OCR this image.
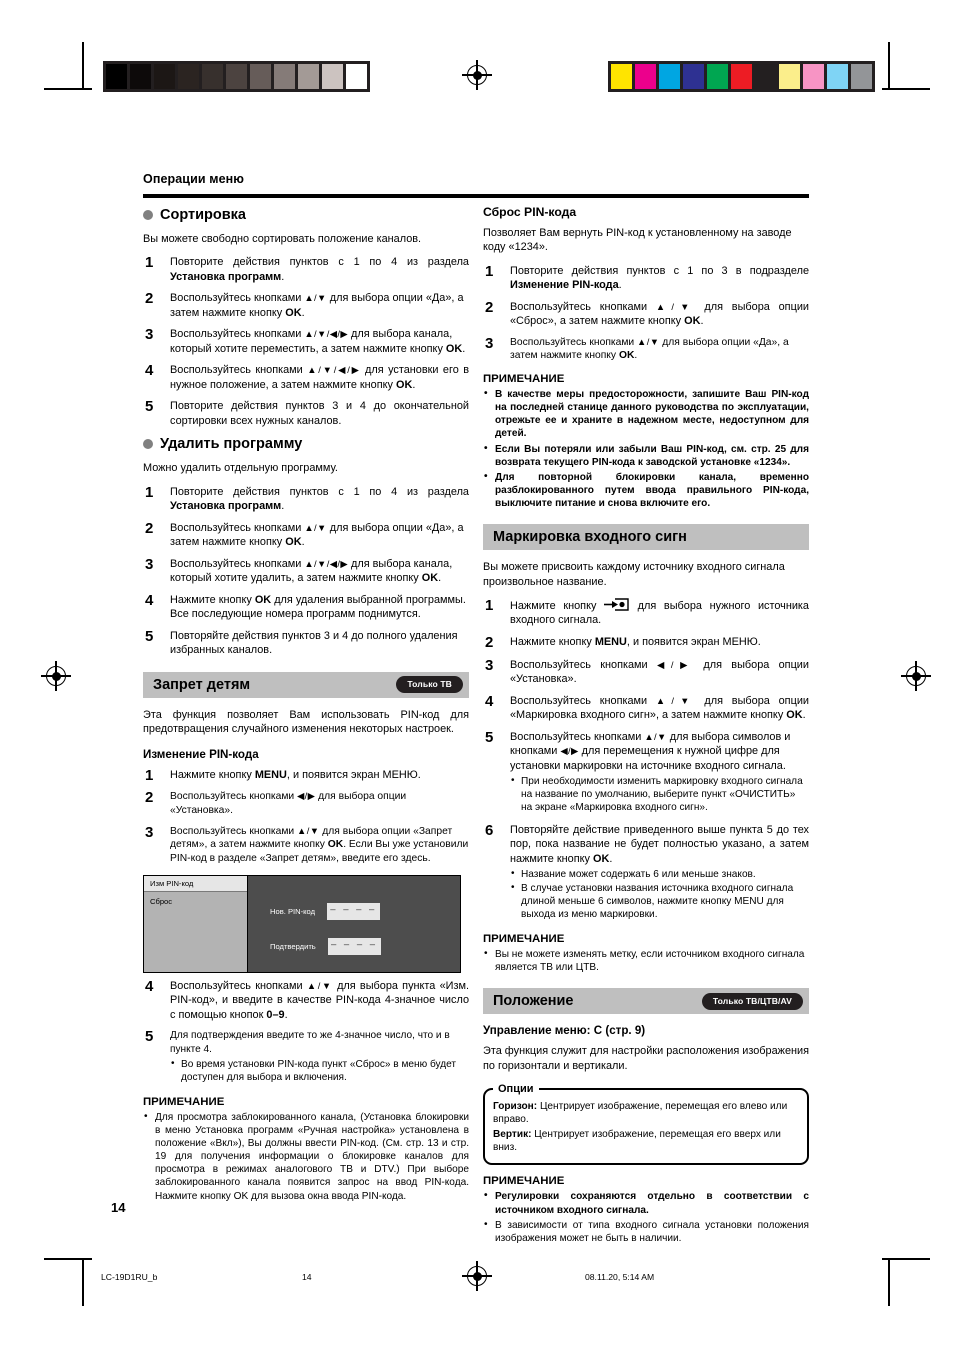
Операции меню
Сортировка

Вы можете свободно сортировать положение каналов.

1	Повторите действия пунктов с 1 по 4 из раздела Установка программ.
2	Воспользуйтесь кнопками ▲/▼ для выбора опции «Да», а затем нажмите кнопку OK.
3	Воспользуйтесь кнопками ▲/▼/◀/▶ для выбора канала, который хотите переместить, а затем нажмите кнопку OK.
4	Воспользуйтесь кнопками ▲/▼/◀/▶ для установки его в нужное положение, а затем нажмите кнопку OK.
5	Повторите действия пунктов 3 и 4 до окончательной сортировки всех нужных каналов.
Удалить программу

Можно удалить отдельную программу.

1	Повторите действия пунктов с 1 по 4 из раздела Установка программ.
2	Воспользуйтесь кнопками ▲/▼ для выбора опции «Да», а затем нажмите кнопку OK.
3	Воспользуйтесь кнопками ▲/▼/◀/▶ для выбора канала, который хотите удалить, а затем нажмите кнопку OK.
4	Нажмите кнопку OK для удаления выбранной программы. Все последующие номера программ поднимутся.
5	Повторяйте действия пунктов 3 и 4 до полного удаления избранных каналов.
Запрет детям	Только ТВ

Эта функция позволяет Вам использовать PIN-код для предотвращения случайного изменения некоторых настроек.

Изменение PIN-кода
1	Нажмите кнопку MENU, и появится экран МЕНЮ.
2	Воспользуйтесь кнопками ◀/▶ для выбора опции «Установка».
3	Воспользуйтесь кнопками ▲/▼ для выбора опции «Запрет детям», а затем нажмите кнопку OK. Если Вы уже установили PIN-код в разделе «Запрет детям», введите его здесь.
Изм PIN-код
Сброс
Нов. PIN-код	– – – –
Подтвердить	– – – –
4	Воспользуйтесь кнопками ▲/▼ для выбора пункта «Изм. PIN-код», и введите в качестве PIN-кода 4-значное число с помощью кнопок 0–9.
5	Для подтверждения введите то же 4-значное число, что и в пункте 4.
• Во время установки PIN-кода пункт «Сброс» в меню будет доступен для выбора и включения.
ПРИМЕЧАНИЕ
• Для просмотра заблокированного канала, (Установка блокировки в меню Установка программ «Ручная настройка» установлена в положение «Вкл»), Вы должны ввести PIN-код. (См. стр. 13 и стр. 19 для получения информации о блокировке каналов для просмотра в режимах аналогового ТВ и DTV.) При выборе заблокированного канала появится запрос на ввод PIN-кода. Нажмите кнопку OK для вызова окна ввода PIN-кода.
Сброс PIN-кода

Позволяет Вам вернуть PIN-код к установленному на заводе коду «1234».

1	Повторите действия пунктов с 1 по 3 в подразделе Изменение PIN-кода.
2	Воспользуйтесь кнопками ▲/▼ для выбора опции «Сброс», а затем нажмите кнопку OK.
3	Воспользуйтесь кнопками ▲/▼ для выбора опции «Да», а затем нажмите кнопку OK.
ПРИМЕЧАНИЕ
• В качестве меры предосторожности, запишите Ваш PIN-код на последней станице данного руководства по эксплуатации, отрежьте ее и храните в надежном месте, недоступном для детей.
• Если Вы потеряли или забыли Ваш PIN-код, см. стр. 25 для возврата текущего PIN-кода к заводской установке «1234».
• Для повторной блокировки канала, временно разблокированного путем ввода правильного PIN-кода, выключите питание и снова включите его.
Маркировка входного сигн

Вы можете присвоить каждому источнику входного сигнала произвольное название.

1	Нажмите кнопку
для выбора нужного источника входного сигнала.
2	Нажмите кнопку MENU, и появится экран МЕНЮ.
3	Воспользуйтесь кнопками ◀/▶ для выбора опции «Установка».
4	Воспользуйтесь кнопками ▲/▼ для выбора опции «Маркировка входного сигн», а затем нажмите кнопку OK.
5	Воспользуйтесь кнопками ▲/▼ для выбора символов и кнопками ◀/▶ для перемещения к нужной цифре для установки маркировки на источнике входного сигнала.
• При необходимости изменить маркировку входного сигнала на название по умолчанию, выберите пункт «ОЧИСТИТЬ» на экране «Маркировка входного сигн».
6	Повторяйте действие приведенного выше пункта 5 до тех пор, пока название не будет полностью указано, а затем нажмите кнопку OK.
• Название может содержать 6 или меньше знаков.
• В случае установки названия источника входного сигнала длиной меньше 6 символов, нажмите кнопку MENU для выхода из меню маркировки.
ПРИМЕЧАНИЕ
• Вы не можете изменять метку, если источником входного сигнала является ТВ или ЦТВ.
Положение	Только ТВ/ЦТВ/AV
Управление меню: C (стр. 9)

Эта функция служит для настройки расположения изображения по горизонтали и вертикали.

Опции

Горизон: Центрирует изображение, перемещая его влево или вправо.

Вертик: Центрирует изображение, перемещая его вверх или вниз.

ПРИМЕЧАНИЕ
• Регулировки сохраняются отдельно в соответствии с источником входного сигнала.
• В зависимости от типа входного сигнала установки положения изображения может не быть в наличии.
14
LC-19D1RU_b	14	08.11.20, 5:14 AM
